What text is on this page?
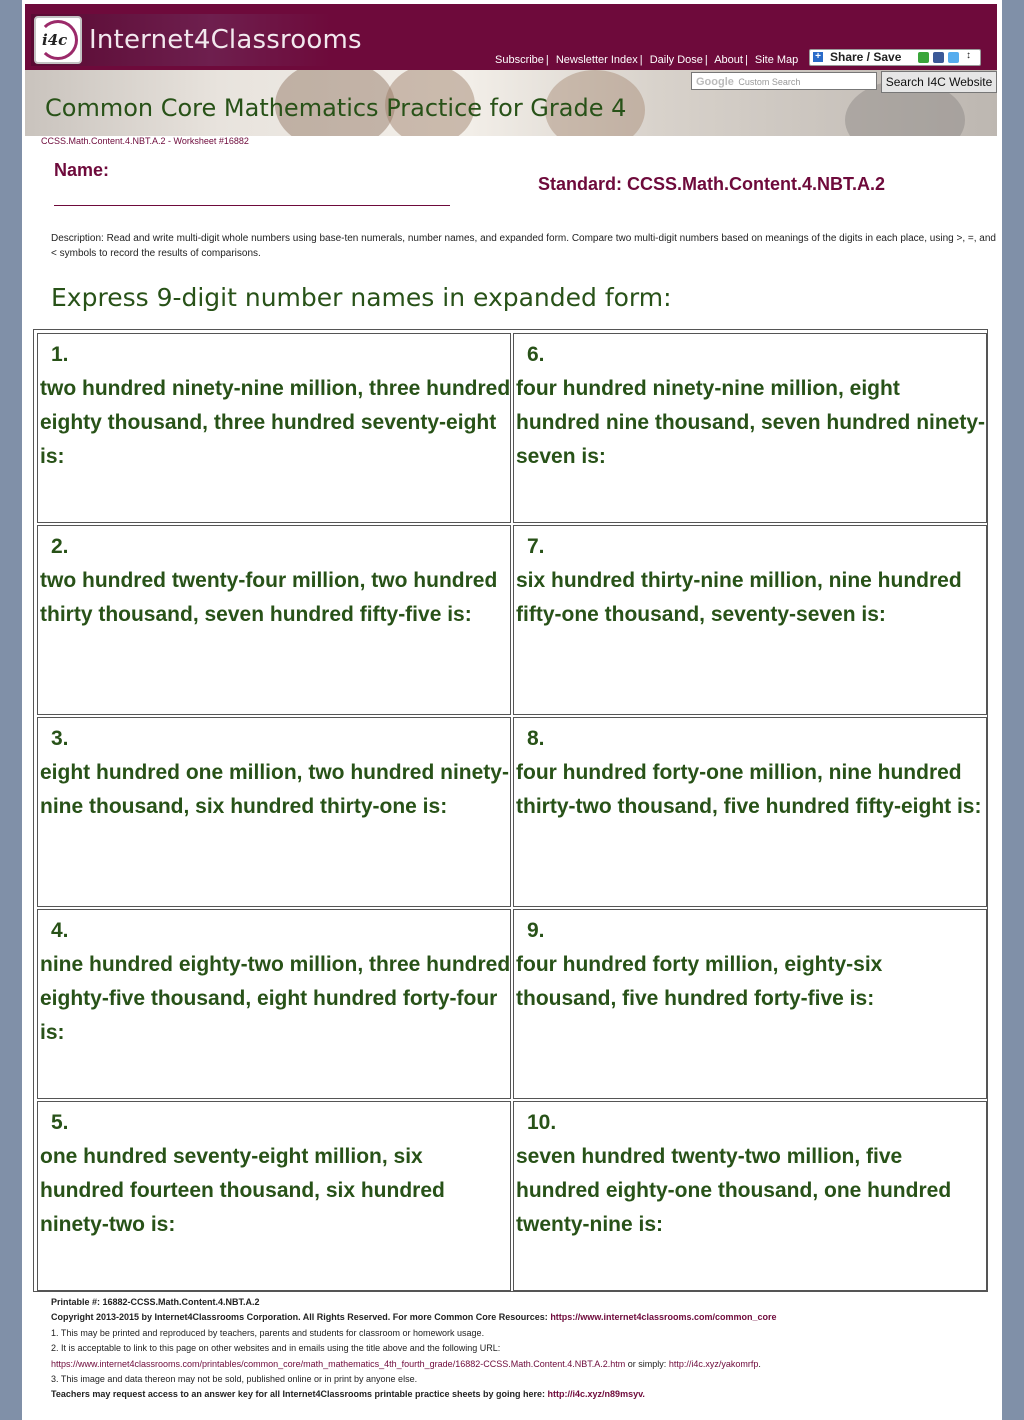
i4c Internet4Classrooms
Subscribe | Newsletter Index | Daily Dose | About | Site Map + Share / Save	↕
Google Custom Search	Search I4C Website
Common Core Mathematics Practice for Grade 4
CCSS.Math.Content.4.NBT.A.2 - Worksheet #16882
Name:
Standard: CCSS.Math.Content.4.NBT.A.2
Description: Read and write multi-digit whole numbers using base-ten numerals, number names, and expanded form. Compare two multi-digit numbers based on meanings of the digits in each place, using >, =, and < symbols to record the results of comparisons.
Express 9-digit number names in expanded form:
1.
two hundred ninety-nine million, three hundred eighty thousand, three hundred seventy-eight is:
2.
two hundred twenty-four million, two hundred thirty thousand, seven hundred fifty-five is:
3.
eight hundred one million, two hundred ninety-nine thousand, six hundred thirty-one is:
4.
nine hundred eighty-two million, three hundred eighty-five thousand, eight hundred forty-four is:
5.
one hundred seventy-eight million, six hundred fourteen thousand, six hundred ninety-two is:
6.
four hundred ninety-nine million, eight hundred nine thousand, seven hundred ninety-seven is:
7.
six hundred thirty-nine million, nine hundred fifty-one thousand, seventy-seven is:
8.
four hundred forty-one million, nine hundred thirty-two thousand, five hundred fifty-eight is:
9.
four hundred forty million, eighty-six thousand, five hundred forty-five is:
10.
seven hundred twenty-two million, five hundred eighty-one thousand, one hundred twenty-nine is:
Printable #: 16882-CCSS.Math.Content.4.NBT.A.2
Copyright 2013-2015 by Internet4Classrooms Corporation. All Rights Reserved. For more Common Core Resources: https://www.internet4classrooms.com/common_core
1. This may be printed and reproduced by teachers, parents and students for classroom or homework usage.
2. It is acceptable to link to this page on other websites and in emails using the title above and the following URL:
https://www.internet4classrooms.com/printables/common_core/math_mathematics_4th_fourth_grade/16882-CCSS.Math.Content.4.NBT.A.2.htm or simply: http://i4c.xyz/yakomrfp.
3. This image and data thereon may not be sold, published online or in print by anyone else.
Teachers may request access to an answer key for all Internet4Classrooms printable practice sheets by going here: http://i4c.xyz/n89msyv.
